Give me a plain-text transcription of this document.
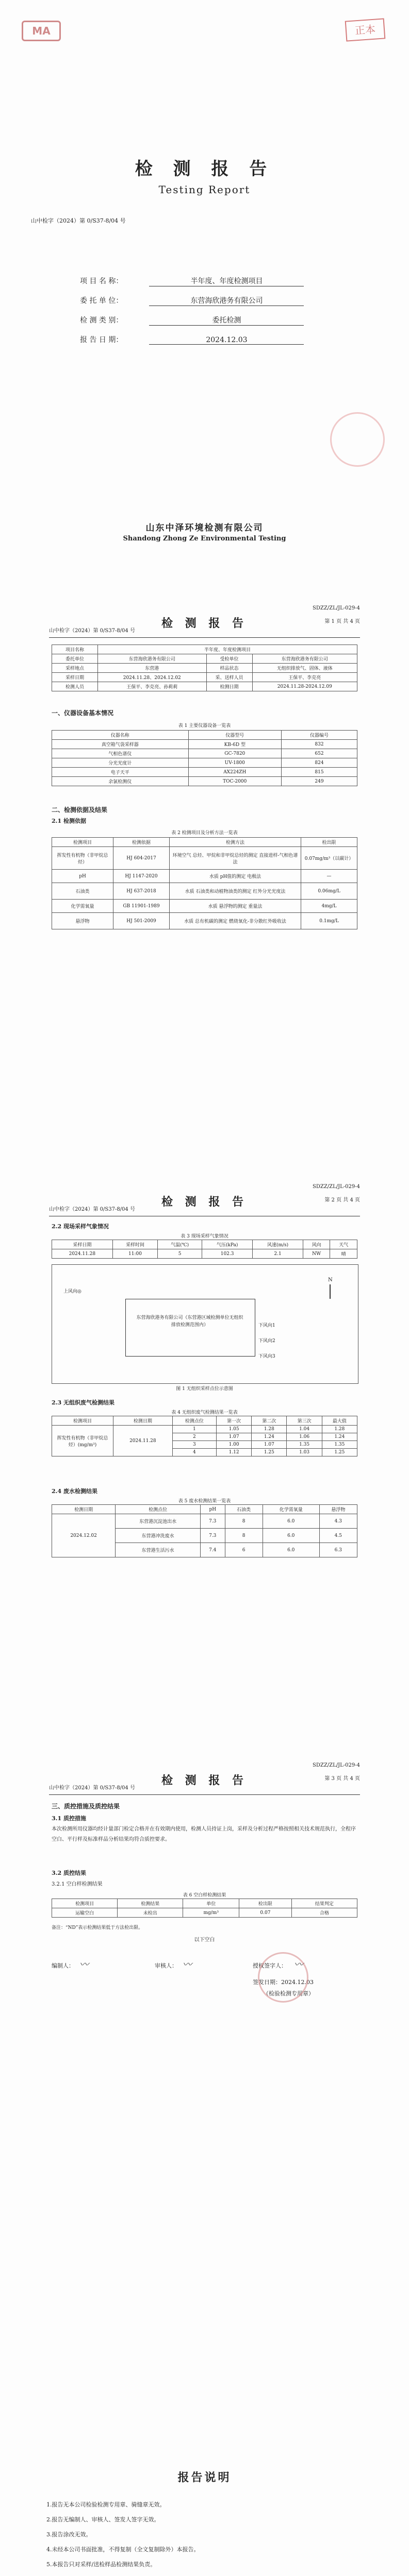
MA	正本
检 测 报 告
Testing Report
山中检字（2024）第 0/S37-8/04 号
项 目 名 称：	半年度、年度检测项目
委 托 单 位：	东营海欣港务有限公司
检 测 类 别：	委托检测
报 告 日 期：	2024.12.03
山东中泽环境检测有限公司
Shandong Zhong Ze Environmental Testing
SDZZ/ZL/JL-029-4
检 测 报 告
山中检字（2024）第 0/S37-8/04 号
第 1 页 共 4 页
项目名称	半年度、年度检测项目		
委托单位	东营海欣港务有限公司	受检单位	东营海欣港务有限公司
采样地点	东营港	样品状态	无组织排放气、固体、液体
采样日期	2024.11.28、2024.12.02	采、送样人员	王保平、李克亮
检测人员	王保平、李克亮、孙莉莉	检测日期	2024.11.28-2024.12.09
一、仪器设备基本情况
表 1 主要仪器设备一览表
仪器名称	仪器型号	仪器编号
真空箱气袋采样器	KB-6D 型	832
气相色谱仪	GC-7820	652
分光光度计	UV-1800	824
电子天平	AX224ZH	815
余氯检测仪	TOC-2000	249
二、检测依据及结果
2.1 检测依据
表 2 检测项目及分析方法一览表
检测项目	检测依据	检测方法	检出限
挥发性有机物（非甲烷总烃）	HJ 604-2017	环境空气 总烃、甲烷和非甲烷总烃的测定 直接进样-气相色谱法	0.07mg/m³（以碳计）
pH	HJ 1147-2020	水质 pH值的测定 电极法	—
石油类	HJ 637-2018	水质 石油类和动植物油类的测定 红外分光光度法	0.06mg/L
化学需氧量	GB 11901-1989	水质 悬浮物的测定 重量法	4mg/L
悬浮物	HJ 501-2009	水质 总有机碳的测定 燃烧氧化-非分散红外吸收法	0.1mg/L
SDZZ/ZL/JL-029-4
检 测 报 告
山中检字（2024）第 0/S37-8/04 号
第 2 页 共 4 页
2.2 现场采样气象情况
表 3 现场采样气象情况
采样日期	采样时间	气温(℃)	气压(kPa)	风速(m/s)	风向	天气
2024.11.28	11:00	5	102.3	2.1	NW	晴
上风向◎
东营海欣港务有限公司（东营港区域检测单位无组织排放检测范围内）	下风向1
下风向2
下风向3
N
图 1 无组织采样点位示意图
2.3 无组织废气检测结果
表 4 无组织废气检测结果一览表
检测项目	检测日期	检测点位	第一次	第二次	第三次	最大值
挥发性有机物（非甲烷总烃）(mg/m³)	2024.11.28	1	1.05	1.28	1.04	1.28
		2	1.07	1.24	1.06	1.24
		3	1.00	1.07	1.35	1.35
		4	1.12	1.25	1.03	1.25
2.4 废水检测结果
表 5 废水检测结果一览表
检测日期	检测点位	pH	石油类	化学需氧量	悬浮物
2024.12.02	东营港沉淀池出水	7.3	8	6.0	4.3
	东营港冲洗废水	7.3	8	6.0	4.5
	东营港生活污水	7.4	6	6.0	6.3
SDZZ/ZL/JL-029-4
检 测 报 告
山中检字（2024）第 0/S37-8/04 号
第 3 页 共 4 页
三、质控措施及质控结果
3.1 质控措施
本次检测所用仪器均经计量部门检定合格并在有效期内使用，检测人员持证上岗，采样及分析过程严格按照相关技术规范执行，全程序空白、平行样及标准样品分析结果均符合质控要求。
3.2 质控结果
3.2.1 空白样检测结果
表 6 空白样检测结果
检测项目	检测结果	单位	检出限	结果判定
运输空白	未检出	mg/m³	0.07	合格
备注：“ND”表示检测结果低于方法检出限。
以下空白
编制人： 〰	审核人： 〰	授权签字人： 〰
签发日期：2024.12.03
（检验检测专用章）
报告说明
1.报告无本公司检验检测专用章、骑缝章无效。
2.报告无编制人、审核人、签发人签字无效。
3.报告涂改无效。
4.未经本公司书面批准，不得复制（全文复制除外）本报告。
5.本报告只对采样/送检样品检测结果负责。
